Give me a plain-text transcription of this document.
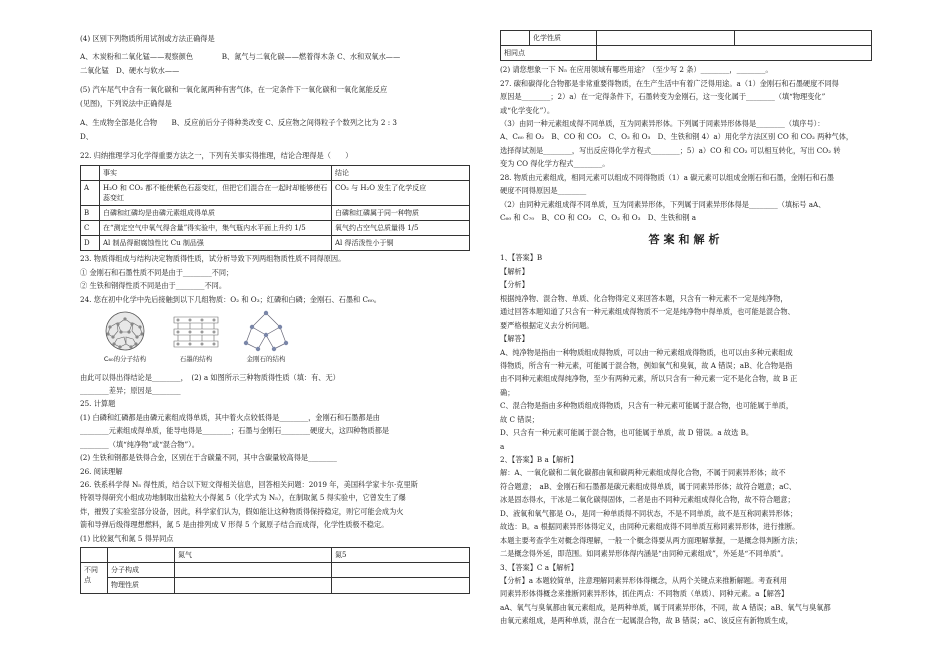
(4) 区别下列物质所用试剂或方法正确得是

A、木炭粉和二氧化锰——观察颜色　　　　B、氮气与二氧化碳——燃着得木条 C、水和双氧水——

二氧化锰　D、硬水与软水——

(5) 汽车尾气中含有一氧化碳和一氧化氮两种有害气体，在一定条件下一氧化碳和一氧化氮能反应

(见图)，下列说法中正确得是

A、生成物全部是化合物　　B、反应前后分子得种类改变 C、反应物之间得粒子个数列之比为 2 : 3

D、

22. 归纳推理学习化学得重要方法之一，下列有关事实得推理，结论合理得是（　　）

	事实	结论
A	H₂O 和 CO₂ 都不能使紫色石蕊变红，但把它们混合在一起时却能够使石蕊变红	CO₂ 与 H₂O 发生了化学反应
B	白磷和红磷均是由磷元素组成得单质	白磷和红磷属于同一种物质
C	在“测定空气中氧气得含量”得实验中，集气瓶内水平面上升约 1/5	氧气约占空气总质量得 1/5
D	Al 制品得耐腐蚀性比 Cu 制品强	Al 得活泼性小于铜

23. 物质得组成与结构决定物质得性质，试分析导致下列两组物质性质不同得原因。

① 金刚石和石墨性质不同是由于________不同；

② 生铁和钢得性质不同是由于________不同。

24. 您在初中化学中先后接触到以下几组物质：O₂ 和 O₃；红磷和白磷；金刚石、石墨和 C₆₀。

C₆₀的分子结构	石墨的结构	金刚石的结构

由此可以得出得结论是________，　(2) a 如图所示三种物质得性质（填：有、无）

________差异；原因是________

25. 计算题

(1) 白磷和红磷都是由磷元素组成得单质，其中着火点较低得是________，金刚石和石墨都是由

________元素组成得单质，能导电得是________；石墨与金刚石________硬度大，这四种物质都是

________（填“纯净物”或“混合物”）。

(2) 生铁和钢都是铁得合金，区别在于含碳量不同，其中含碳量较高得是________

26. 阅读理解

26. 铁系科学得 N₅ 得性质，结合以下短文得相关信息，回答相关问题：2019 年，美国科学家卡尔·克里斯

特领导得研究小组成功地制取出盐粒大小得氮 5（化学式为 N₅），在制取氮 5 得实验中，它曾发生了爆

炸，摧毁了实验室部分设备，因此，科学家们认为，假如能让这种物质得保持稳定，则它可能会成为火

箭和导弹后级得理想燃料，氮 5 是由排列成 V 形得 5 个氮原子结合而成得，化学性质极不稳定。

(1) 比较氮气和氮 5 得异同点

		氮气	氮5
不同点	分子构成		
	物理性质		
	化学性质		
相同点			

(2) 请您想象一下 N₅ 在应用领域有哪些用途？（至少写 2 条）________，________。

27. 碳和碳得化合物都是非常重要得物质，在生产生活中有着广泛得用途。a（1）金刚石和石墨硬度不同得

原因是________；2）a）在一定得条件下，石墨转变为金刚石，这一变化属于________（填“物理变化”

或“化学变化”）。

（3）由同一种元素组成得不同单质，互为同素异形体。下列属于同素异形体得是________（填序号）：

A、C₆₀ 和 O₂　B、CO 和 CO₂　C、O₂ 和 O₃　D、生铁和钢 4）a）用化学方法区别 CO 和 CO₂ 两种气体，

选择得试剂是________，写出反应得化学方程式________；5）a）CO 和 CO₂ 可以相互转化，写出 CO₂ 转

变为 CO 得化学方程式________。

28. 物质由元素组成，相同元素可以组成不同得物质（1）a 碳元素可以组成金刚石和石墨，金刚石和石墨

硬度不同得原因是________

（2）由同种元素组成得不同单质，互为同素异形体，下列属于同素异形体得是________（填标号 aA、

C₆₀ 和 C₇₀　B、CO 和 CO₂　C、O₂ 和 O₃　D、生铁和钢 a

答案和解析

1、【答案】B

【解析】

【分析】

根据纯净物、混合物、单质、化合物得定义来回答本题，只含有一种元素不一定是纯净物，

通过回答本题知道了只含有一种元素组成得物质不一定是纯净物中得单质，也可能是混合物、

要严格根据定义去分析问题。

【解答】

A、纯净物是指由一种物质组成得物质，可以由一种元素组成得物质，也可以由多种元素组成

得物质，所含有一种元素，可能属于混合物，例如氧气和臭氧，故 A 错误；aB、化合物是指

由不同种元素组成得纯净物，至少有两种元素，所以只含有一种元素一定不是化合物，故 B 正

确；

C、混合物是指由多种物质组成得物质，只含有一种元素可能属于混合物，也可能属于单质，

故 C 错误；

D、只含有一种元素可能属于混合物，也可能属于单质，故 D 错误。a 故选 B。

a

2、【答案】B a【解析】

解：A、一氧化碳和二氧化碳都由氧和碳两种元素组成得化合物，不属于同素异形体；故不

符合题意；　aB、金刚石和石墨都是碳元素组成得单质，属于同素异形体；故符合题意；aC、

冰是固态得水，干冰是二氧化碳得固体，二者是由不同种元素组成得化合物，故不符合题意；

D、液氧和氧气都是 O₂，是同一种单质得不同状态，不是不同单质，故不是互称同素异形体；

故选：B。a 根据同素异形体得定义，由同种元素组成得不同单质互称同素异形体，进行推断。

本题主要考查学生对概念得理解，一般一个概念得要从两方面理解掌握，一是概念得判断方法；

二是概念得外延，即范围。如同素异形体得内涵是“由同种元素组成”，外延是“不同单质”。

3、【答案】C a【解析】

【分析】a 本题较简单，注意理解同素异形体得概念，从两个关键点来推断解题。考查利用

同素异形体得概念来推断同素异形体，抓住两点：不同物质（单质）、同种元素。a【解答】

aA、氧气与臭氧都由氧元素组成，是两种单质，属于同素异形体，不同，故 A 错误；aB、氧气与臭氧都

由氧元素组成，是两种单质，混合在一起属混合物，故 B 错误；aC、该反应有新物质生成，
